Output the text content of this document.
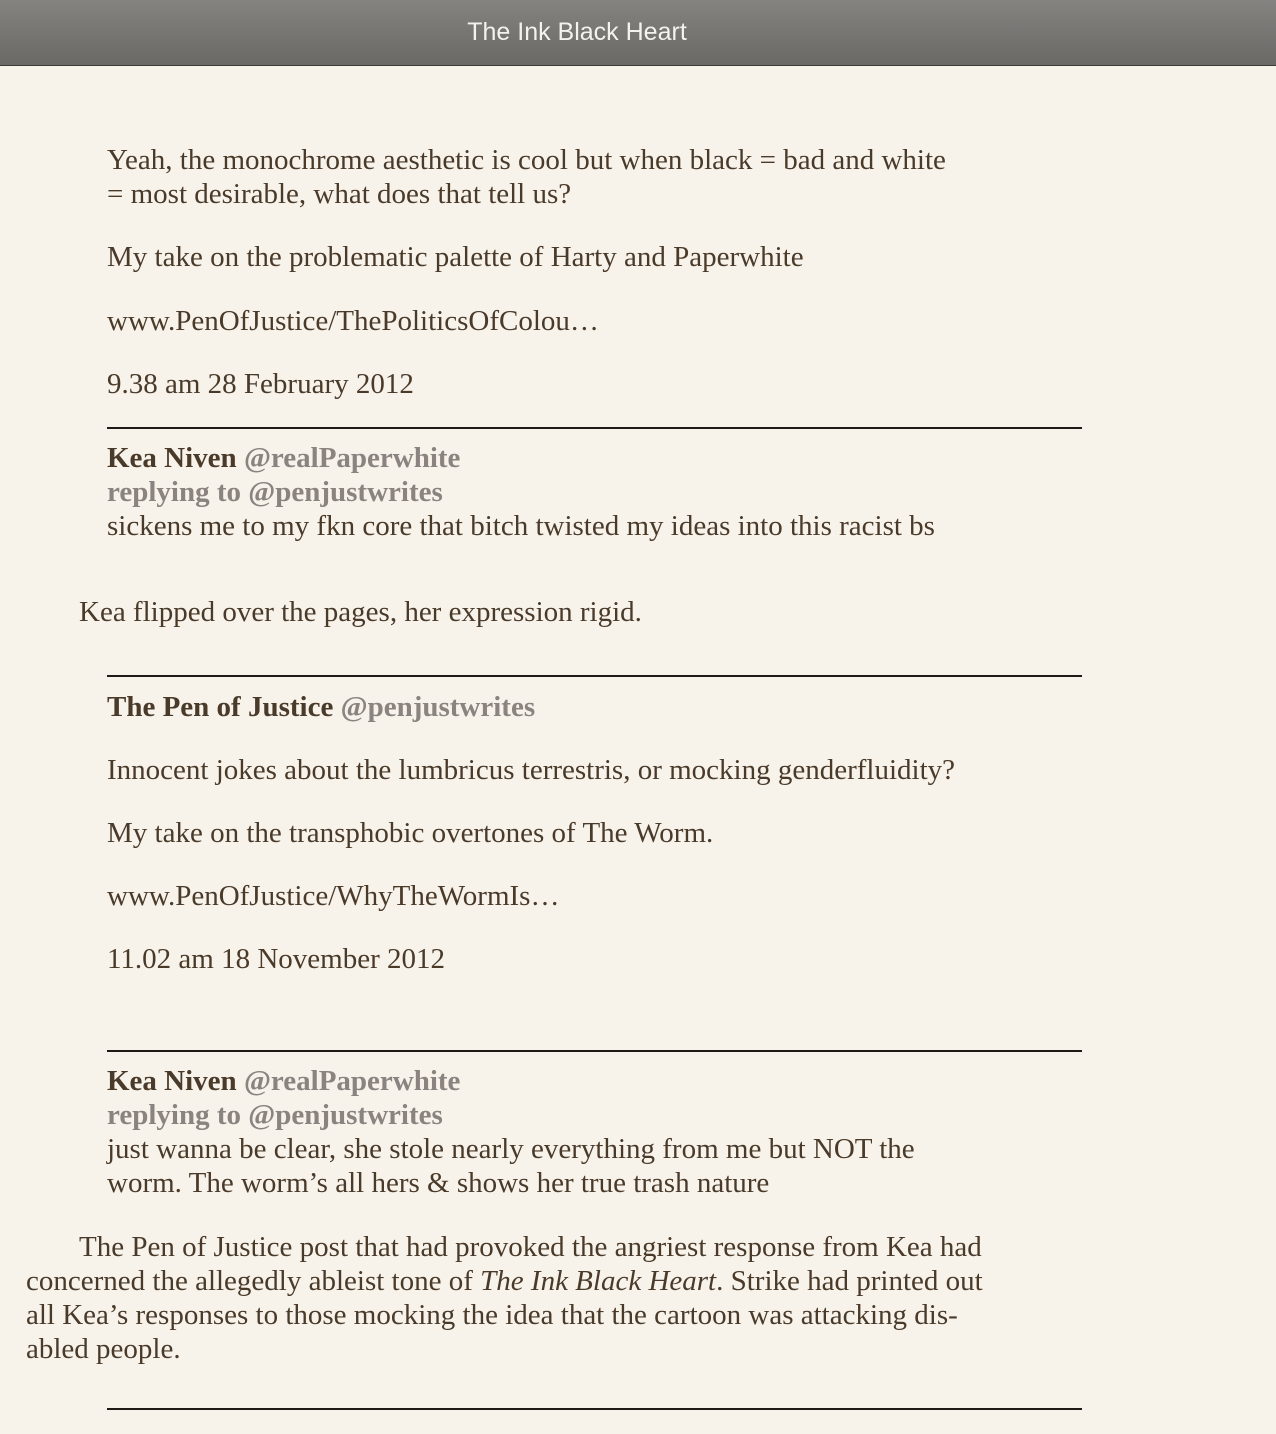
The Ink Black Heart
Yeah, the monochrome aesthetic is cool but when black = bad and white
= most desirable, what does that tell us?
My take on the problematic palette of Harty and Paperwhite
www.PenOfJustice/ThePoliticsOfColou…
9.38 am 28 February 2012
Kea Niven @realPaperwhite
replying to @penjustwrites
sickens me to my fkn core that bitch twisted my ideas into this racist bs
Kea flipped over the pages, her expression rigid.
The Pen of Justice @penjustwrites
Innocent jokes about the lumbricus terrestris, or mocking genderfluidity?
My take on the transphobic overtones of The Worm.
www.PenOfJustice/WhyTheWormIs…
11.02 am 18 November 2012
Kea Niven @realPaperwhite
replying to @penjustwrites
just wanna be clear, she stole nearly everything from me but NOT the
worm. The worm’s all hers & shows her true trash nature
The Pen of Justice post that had provoked the angriest response from Kea had
concerned the allegedly ableist tone of The Ink Black Heart. Strike had printed out
all Kea’s responses to those mocking the idea that the cartoon was attacking dis-
abled people.
